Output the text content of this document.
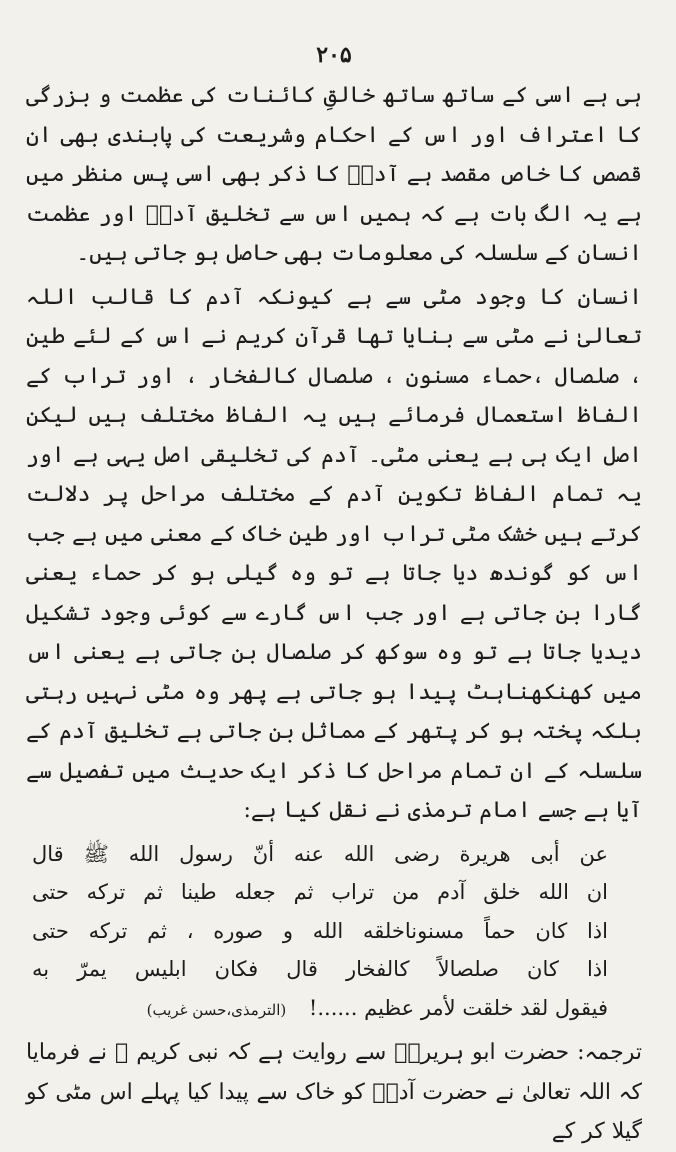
۲۰۵

ہی ہے اسی کے ساتھ ساتھ خالقِ کائنات کی عظمت و بزرگی کا اعتراف اور اس کے احکام وشریعت کی پابندی بھی ان قصص کا خاص مقصد ہے آدمؑ کا ذکر بھی اسی پس منظر میں ہے یہ الگ بات ہے کہ ہمیں اس سے تخلیق آدمؑ اور عظمت انسان کے سلسلہ کی معلومات بھی حاصل ہو جاتی ہیں۔

انسان کا وجود مٹی سے ہے کیونکہ آدم کا قالب اللہ تعالیٰ نے مٹی سے بنایا تھا قرآن کریم نے اس کے لئے طین ، صلصال ،حماء مسنون ، صلصال کالفخار ، اور تراب کے الفاظ استعمال فرمائے ہیں یہ الفاظ مختلف ہیں لیکن اصل ایک ہی ہے یعنی مٹی۔ آدم کی تخلیقی اصل یہی ہے اور یہ تمام الفاظ تکوین آدم کے مختلف مراحل پر دلالت کرتے ہیں خشک مٹی تراب اور طین خاک کے معنی میں ہے جب اس کو گوندھ دیا جاتا ہے تو وہ گیلی ہو کر حماء یعنی گارا بن جاتی ہے اور جب اس گارے سے کوئی وجود تشکیل دیدیا جاتا ہے تو وہ سوکھ کر صلصال بن جاتی ہے یعنی اس میں کھنکھناہٹ پیدا ہو جاتی ہے پھر وہ مٹی نہیں رہتی بلکہ پختہ ہو کر پتھر کے مماثل بن جاتی ہے تخلیق آدم کے سلسلہ کے ان تمام مراحل کا ذکر ایک حدیث میں تفصیل سے آیا ہے جسے امام ترمذی نے نقل کیا ہے:

عن أبی هريرة رضی الله عنه أنّ رسول الله ﷺ قال
ان الله خلق آدم من تراب ثم جعله طينا ثم تركه حتی
اذا كان حماً مسنوناخلقه الله و صوره ، ثم تركه حتی
اذا كان صلصالاً كالفخار قال فكان ابليس يمرّ به
فيقول لقد خلقت لأمر عظيم ......! (الترمذی،حسن غریب)

ترجمہ: حضرت ابو ہریرہؓ سے روایت ہے کہ نبی کریم ﷺ نے فرمایا کہ اللہ تعالیٰ نے حضرت آدمؑ کو خاک سے پیدا کیا پہلے اس مٹی کو گیلا کر کے
